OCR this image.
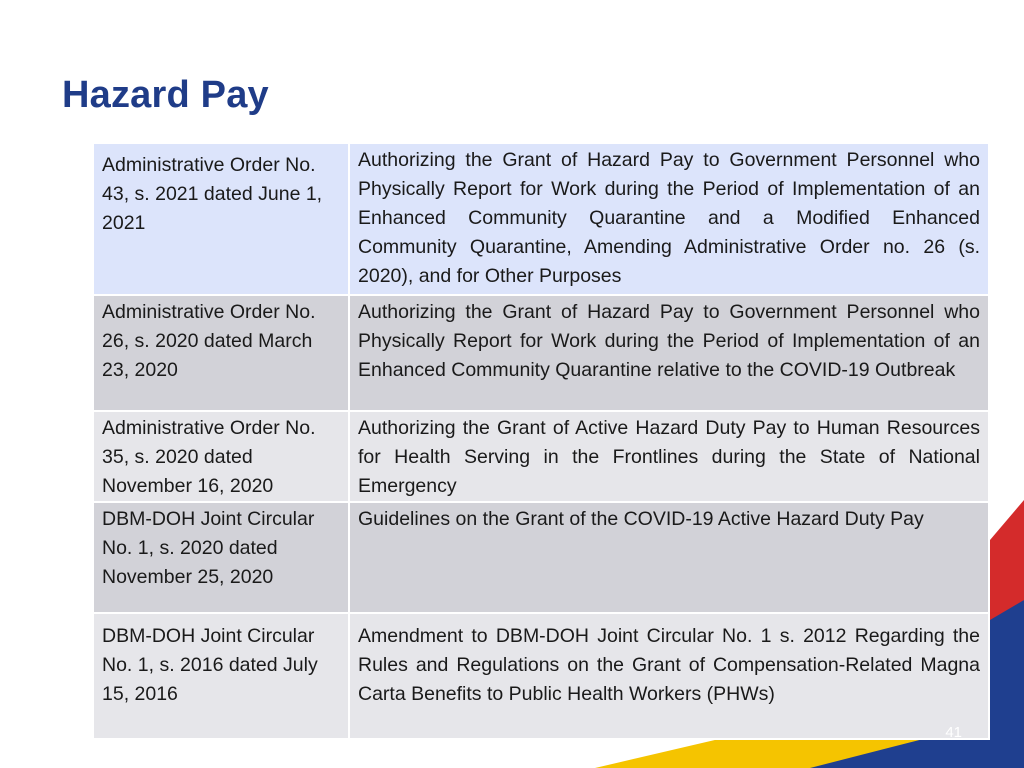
Hazard Pay
Administrative Order No. 43, s. 2021 dated June 1, 2021	Authorizing the Grant of Hazard Pay to Government Personnel who Physically Report for Work during the Period of Implementation of an Enhanced Community Quarantine and a Modified Enhanced Community Quarantine, Amending Administrative Order no. 26 (s. 2020), and for Other Purposes
Administrative Order No. 26, s. 2020 dated March 23, 2020	Authorizing the Grant of Hazard Pay to Government Personnel who Physically Report for Work during the Period of Implementation of an Enhanced Community Quarantine relative to the COVID-19 Outbreak
Administrative Order No. 35, s. 2020 dated November 16, 2020	Authorizing the Grant of Active Hazard Duty Pay to Human Resources for Health Serving in the Frontlines during the State of National Emergency
DBM-DOH Joint Circular No. 1, s. 2020 dated November 25, 2020	Guidelines on the Grant of the COVID-19 Active Hazard Duty Pay
DBM-DOH Joint Circular No. 1, s. 2016 dated July 15, 2016	Amendment to DBM-DOH Joint Circular No. 1 s. 2012 Regarding the Rules and Regulations on the Grant of Compensation-Related Magna Carta Benefits to Public Health Workers (PHWs)
41
